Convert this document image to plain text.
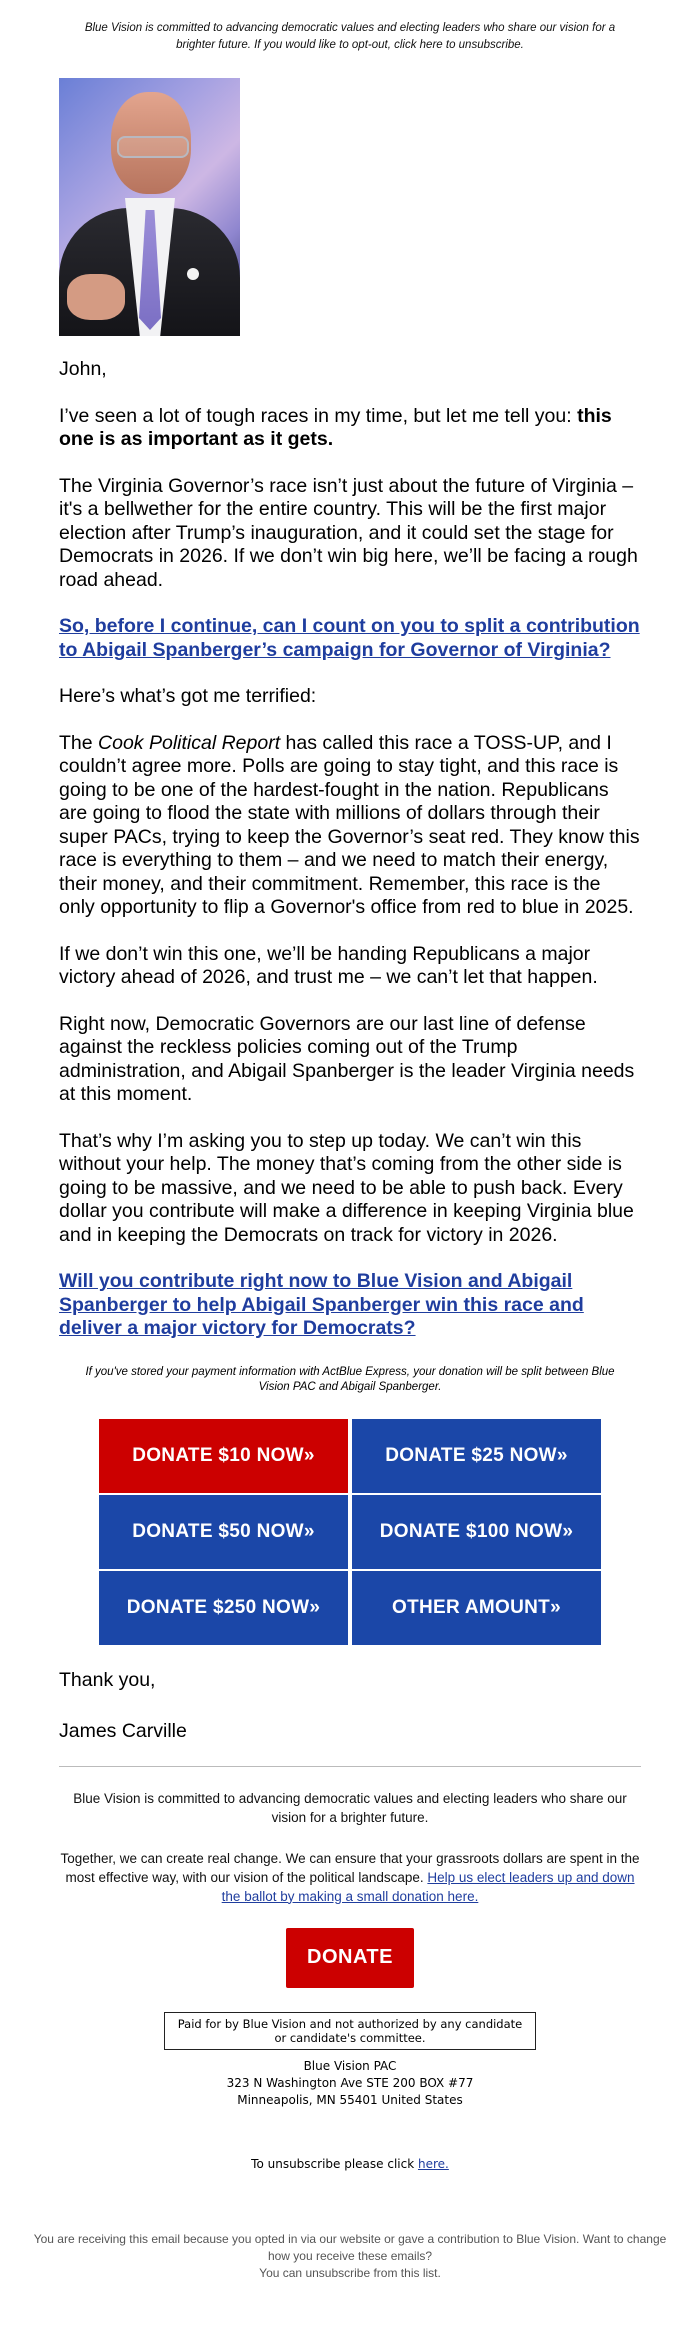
Blue Vision is committed to advancing democratic values and electing leaders who share our vision for a brighter future. If you would like to opt-out, click here to unsubscribe.

John,

I’ve seen a lot of tough races in my time, but let me tell you: this one is as important as it gets.

The Virginia Governor’s race isn’t just about the future of Virginia – it's a bellwether for the entire country. This will be the first major election after Trump’s inauguration, and it could set the stage for Democrats in 2026. If we don’t win big here, we’ll be facing a rough road ahead.

So, before I continue, can I count on you to split a contribution to Abigail Spanberger’s campaign for Governor of Virginia?

Here’s what’s got me terrified:

The Cook Political Report has called this race a TOSS-UP, and I couldn’t agree more. Polls are going to stay tight, and this race is going to be one of the hardest-fought in the nation. Republicans are going to flood the state with millions of dollars through their super PACs, trying to keep the Governor’s seat red. They know this race is everything to them – and we need to match their energy, their money, and their commitment. Remember, this race is the only opportunity to flip a Governor's office from red to blue in 2025.

If we don’t win this one, we’ll be handing Republicans a major victory ahead of 2026, and trust me – we can’t let that happen.

Right now, Democratic Governors are our last line of defense against the reckless policies coming out of the Trump administration, and Abigail Spanberger is the leader Virginia needs at this moment.

That’s why I’m asking you to step up today. We can’t win this without your help. The money that’s coming from the other side is going to be massive, and we need to be able to push back. Every dollar you contribute will make a difference in keeping Virginia blue and in keeping the Democrats on track for victory in 2026.

Will you contribute right now to Blue Vision and Abigail Spanberger to help Abigail Spanberger win this race and deliver a major victory for Democrats?

If you've stored your payment information with ActBlue Express, your donation will be split between Blue Vision PAC and Abigail Spanberger.
DONATE $10 NOW»	DONATE $25 NOW»
DONATE $50 NOW»	DONATE $100 NOW»
DONATE $250 NOW»	OTHER AMOUNT»

Thank you,

James Carville

Blue Vision is committed to advancing democratic values and electing leaders who share our vision for a brighter future.
Together, we can create real change. We can ensure that your grassroots dollars are spent in the most effective way, with our vision of the political landscape. Help us elect leaders up and down the ballot by making a small donation here.
DONATE
Paid for by Blue Vision and not authorized by any candidate or candidate's committee.
Blue Vision PAC
323 N Washington Ave STE 200 BOX #77
Minneapolis, MN 55401 United States
To unsubscribe please click here.
You are receiving this email because you opted in via our website or gave a contribution to Blue Vision. Want to change how you receive these emails?
You can unsubscribe from this list.
